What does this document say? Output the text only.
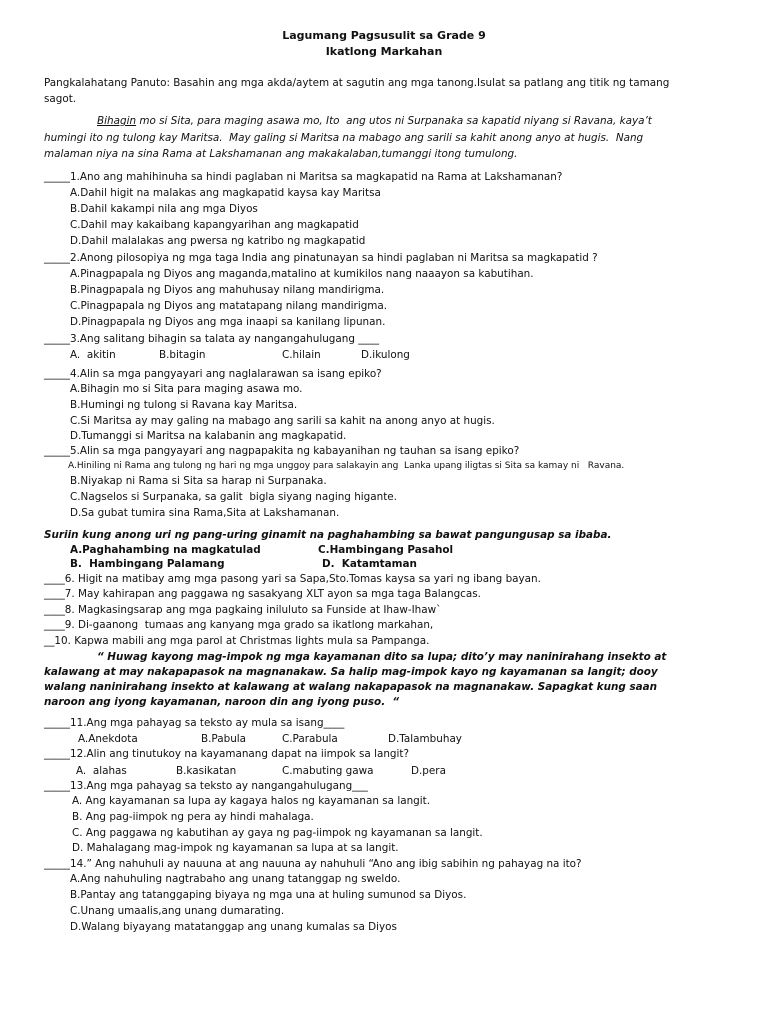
Lagumang Pagsusulit sa Grade 9
Ikatlong Markahan
Pangkalahatang Panuto: Basahin ang mga akda/aytem at sagutin ang mga tanong.Isulat sa patlang ang titik ng tamang
sagot.
Bihagin mo si Sita, para maging asawa mo, Ito  ang utos ni Surpanaka sa kapatid niyang si Ravana, kaya’t
humingi ito ng tulong kay Maritsa.  May galing si Maritsa na mabago ang sarili sa kahit anong anyo at hugis.  Nang
malaman niya na sina Rama at Lakshamanan ang makakalaban,tumanggi itong tumulong.
_____1.Ano ang mahihinuha sa hindi paglaban ni Maritsa sa magkapatid na Rama at Lakshamanan?
A.Dahil higit na malakas ang magkapatid kaysa kay Maritsa
B.Dahil kakampi nila ang mga Diyos
C.Dahil may kakaibang kapangyarihan ang magkapatid
D.Dahil malalakas ang pwersa ng katribo ng magkapatid
_____2.Anong pilosopiya ng mga taga India ang pinatunayan sa hindi paglaban ni Maritsa sa magkapatid ?
A.Pinagpapala ng Diyos ang maganda,matalino at kumikilos nang naaayon sa kabutihan.
B.Pinagpapala ng Diyos ang mahuhusay nilang mandirigma.
C.Pinagpapala ng Diyos ang matatapang nilang mandirigma.
D.Pinagpapala ng Diyos ang mga inaapi sa kanilang lipunan.
_____3.Ang salitang bihagin sa talata ay nangangahulugang ____
A.  akitin	B.bitagin	C.hilain	D.ikulong
_____4.Alin sa mga pangyayari ang naglalarawan sa isang epiko?
A.Bihagin mo si Sita para maging asawa mo.
B.Humingi ng tulong si Ravana kay Maritsa.
C.Si Maritsa ay may galing na mabago ang sarili sa kahit na anong anyo at hugis.
D.Tumanggi si Maritsa na kalabanin ang magkapatid.
_____5.Alin sa mga pangyayari ang nagpapakita ng kabayanihan ng tauhan sa isang epiko?
A.Hiniling ni Rama ang tulong ng hari ng mga unggoy para salakayin ang  Lanka upang iligtas si Sita sa kamay ni   Ravana.
B.Niyakap ni Rama si Sita sa harap ni Surpanaka.
C.Nagselos si Surpanaka, sa galit  bigla siyang naging higante.
D.Sa gubat tumira sina Rama,Sita at Lakshamanan.
Suriin kung anong uri ng pang-uring ginamit na paghahambing sa bawat pangungusap sa ibaba.
A.Paghahambing na magkatulad	C.Hambingang Pasahol
B.  Hambingang Palamang	D.  Katamtaman
____6. Higit na matibay amg mga pasong yari sa Sapa,Sto.Tomas kaysa sa yari ng ibang bayan.
____7. May kahirapan ang paggawa ng sasakyang XLT ayon sa mga taga Balangcas.
____8. Magkasingsarap ang mga pagkaing iniluluto sa Funside at Ihaw-Ihaw`
____9. Di-gaanong  tumaas ang kanyang mga grado sa ikatlong markahan,
__10. Kapwa mabili ang mga parol at Christmas lights mula sa Pampanga.
“ Huwag kayong mag-impok ng mga kayamanan dito sa lupa; dito’y may naninirahang insekto at
kalawang at may nakapapasok na magnanakaw. Sa halip mag-impok kayo ng kayamanan sa langit; dooy
walang naninirahang insekto at kalawang at walang nakapapasok na magnanakaw. Sapagkat kung saan
naroon ang iyong kayamanan, naroon din ang iyong puso.  “
_____11.Ang mga pahayag sa teksto ay mula sa isang____
A.Anekdota	B.Pabula	C.Parabula	D.Talambuhay
_____12.Alin ang tinutukoy na kayamanang dapat na iimpok sa langit?
A.  alahas	B.kasikatan	C.mabuting gawa	D.pera
_____13.Ang mga pahayag sa teksto ay nangangahulugang___
A. Ang kayamanan sa lupa ay kagaya halos ng kayamanan sa langit.
B. Ang pag-iimpok ng pera ay hindi mahalaga.
C. Ang paggawa ng kabutihan ay gaya ng pag-iimpok ng kayamanan sa langit.
D. Mahalagang mag-impok ng kayamanan sa lupa at sa langit.
_____14.” Ang nahuhuli ay nauuna at ang nauuna ay nahuhuli “Ano ang ibig sabihin ng pahayag na ito?
A.Ang nahuhuling nagtrabaho ang unang tatanggap ng sweldo.
B.Pantay ang tatanggaping biyaya ng mga una at huling sumunod sa Diyos.
C.Unang umaalis,ang unang dumarating.
D.Walang biyayang matatanggap ang unang kumalas sa Diyos
